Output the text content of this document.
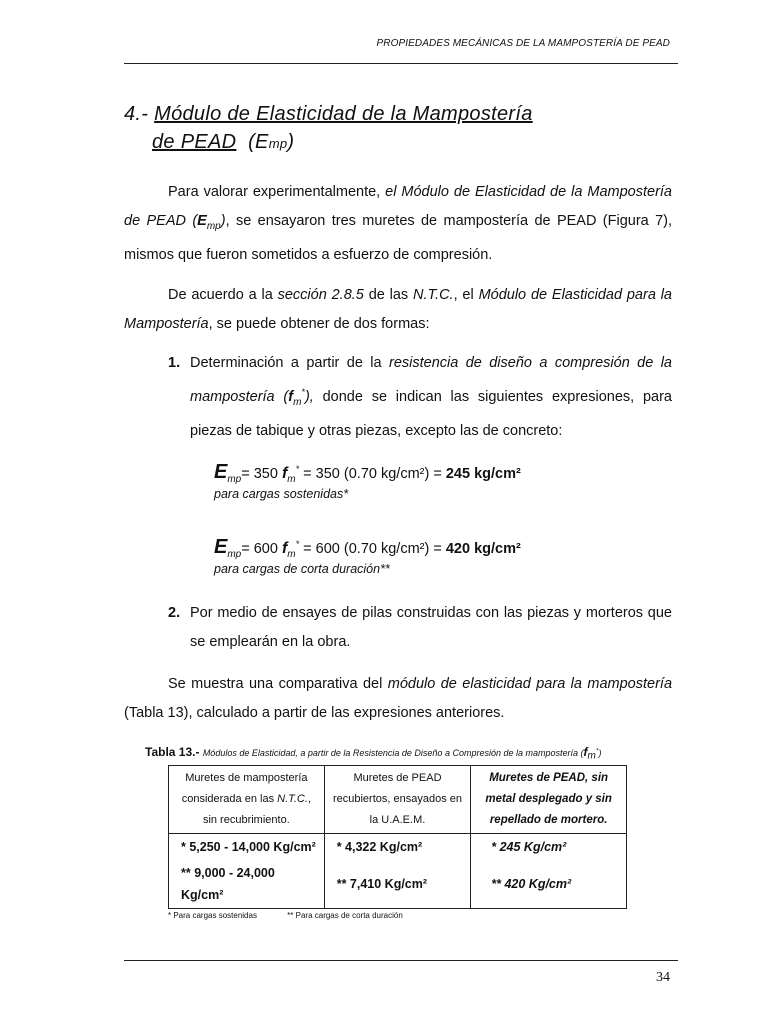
PROPIEDADES MECÁNICAS DE LA MAMPOSTERÍA DE PEAD
4.- Módulo de Elasticidad de la Mampostería
de PEAD (Emp)
Para valorar experimentalmente, el Módulo de Elasticidad de la Mampostería de PEAD $(E_{mp})$, se ensayaron tres muretes de mampostería de PEAD (Figura 7), mismos que fueron sometidos a esfuerzo de compresión.
De acuerdo a la sección 2.8.5 de las N.T.C., el Módulo de Elasticidad para la Mampostería, se puede obtener de dos formas:
1. Determinación a partir de la resistencia de diseño a compresión de la mampostería $(f_m^*)$, donde se indican las siguientes expresiones, para piezas de tabique y otras piezas, excepto las de concreto:
$E_{mp}= 350$ $f_m^* = 350$ (0.70 kg/cm²) = 245 kg/cm²
para cargas sostenidas*
$E_{mp}= 600$ $f_m^* = 600$ (0.70 kg/cm²) = 420 kg/cm²
para cargas de corta duración**
2. Por medio de ensayes de pilas construidas con las piezas y morteros que se emplearán en la obra.
Se muestra una comparativa del módulo de elasticidad para la mampostería (Tabla 13), calculado a partir de las expresiones anteriores.
Tabla 13.- Módulos de Elasticidad, a partir de la Resistencia de Diseño a Compresión de la mampostería $(f_m^*)$
Muretes de mampostería considerada en las N.T.C., sin recubrimiento.	Muretes de PEAD recubiertos, ensayados en la U.A.E.M.	Muretes de PEAD, sin metal desplegado y sin repellado de mortero.
* 5,250 - 14,000 Kg/cm²	* 4,322 Kg/cm²	* 245 Kg/cm²
** 9,000 - 24,000 Kg/cm²	** 7,410 Kg/cm²	** 420 Kg/cm²
* Para cargas sostenidas	** Para cargas de corta duración
34
